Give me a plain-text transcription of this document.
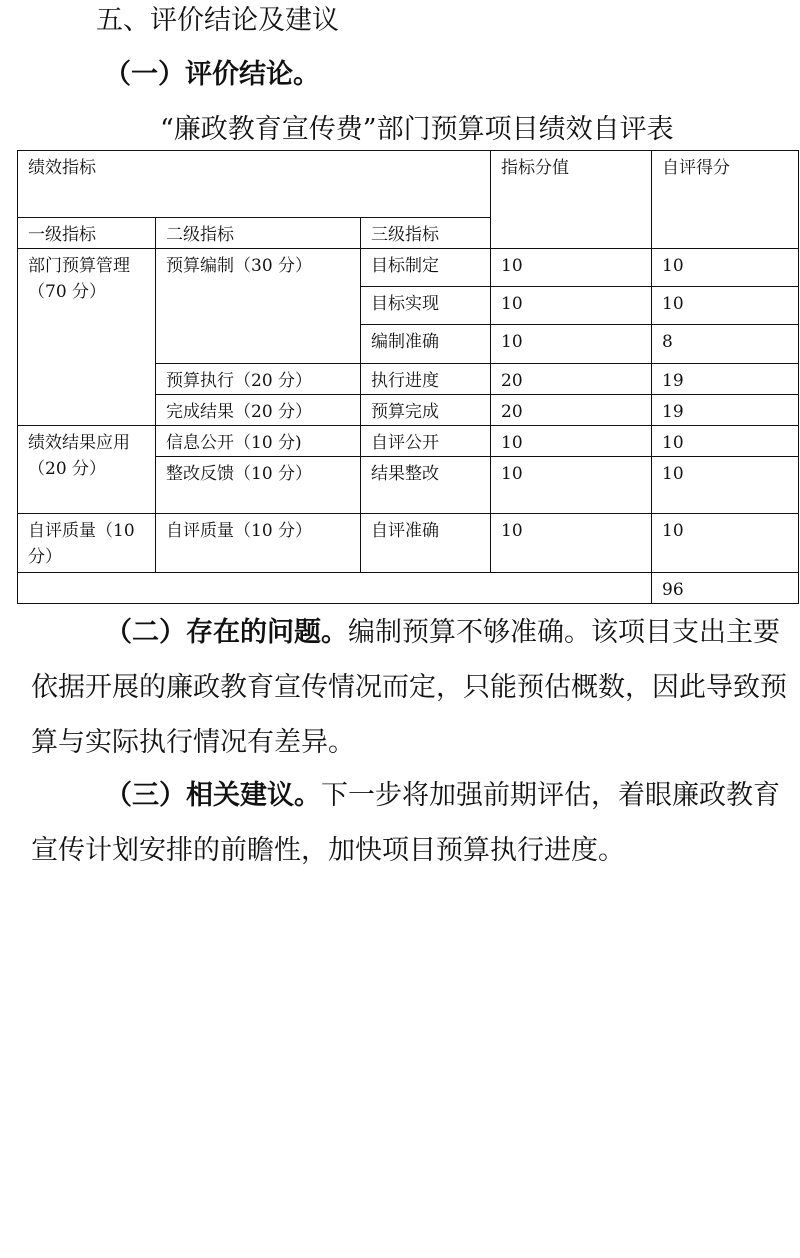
五、评价结论及建议
（一）评价结论。
“廉政教育宣传费”部门预算项目绩效自评表
绩效指标			指标分值	自评得分
一级指标	二级指标	三级指标		
部门预算管理（70 分）	预算编制（30 分）	目标制定	10	10
		目标实现	10	10
		编制准确	10	8
	预算执行（20 分）	执行进度	20	19
	完成结果（20 分）	预算完成	20	19
绩效结果应用（20 分）	信息公开（10 分)	自评公开	10	10
	整改反馈（10 分）	结果整改	10	10
自评质量（10 分）	自评质量（10 分）	自评准确	10	10
				96
（二）存在的问题。编制预算不够准确。该项目支出主要依据开展的廉政教育宣传情况而定，只能预估概数，因此导致预算与实际执行情况有差异。
（三）相关建议。下一步将加强前期评估，着眼廉政教育宣传计划安排的前瞻性，加快项目预算执行进度。
